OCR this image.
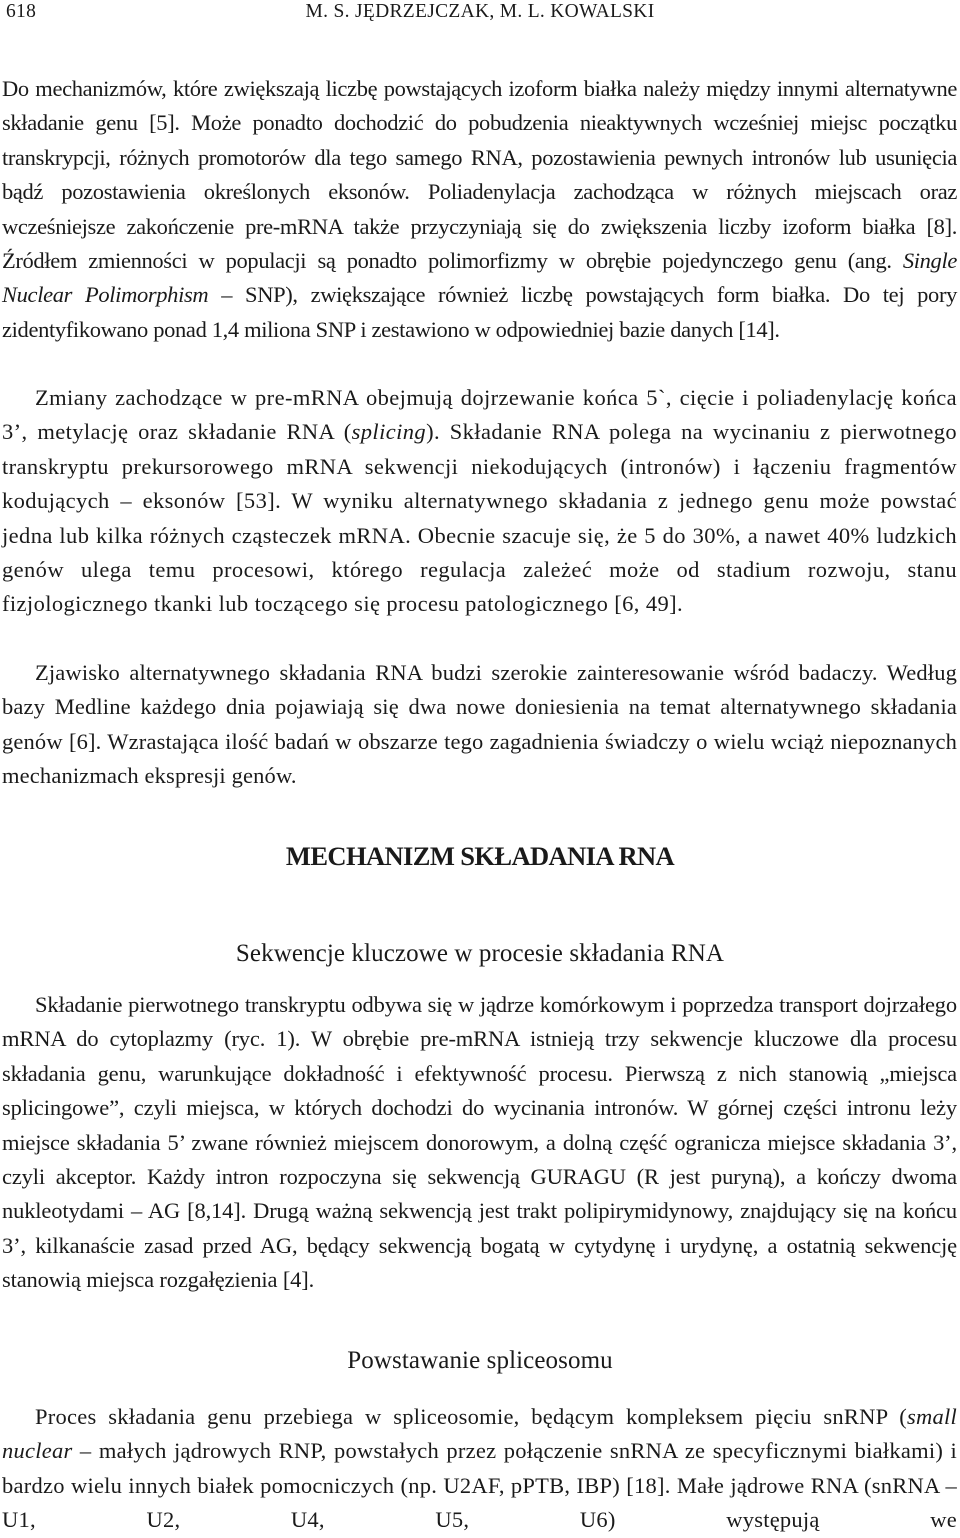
618	M. S. JĘDRZEJCZAK, M. L. KOWALSKI

Do mechanizmów, które zwiększają liczbę powstających izoform białka należy między innymi alternatywne składanie genu [5]. Może ponadto dochodzić do pobudzenia nieaktywnych wcześniej miejsc początku transkrypcji, różnych promotorów dla tego samego RNA, pozostawienia pewnych intronów lub usunięcia bądź pozostawienia określonych eksonów. Poliadenylacja zachodząca w różnych miejscach oraz wcześniejsze zakończenie pre-mRNA także przyczyniają się do zwiększenia liczby izoform białka [8]. Źródłem zmienności w populacji są ponadto polimorfizmy w obrębie pojedynczego genu (ang. Single Nuclear Polimorphism – SNP), zwiększające również liczbę powstających form białka. Do tej pory zidentyfikowano ponad 1,4 miliona SNP i zestawiono w odpowiedniej bazie danych [14].

Zmiany zachodzące w pre-mRNA obejmują dojrzewanie końca 5`, cięcie i poliadenylację końca 3’, metylację oraz składanie RNA (splicing). Składanie RNA polega na wycinaniu z pierwotnego transkryptu prekursorowego mRNA sekwencji niekodujących (intronów) i łączeniu fragmentów kodujących – eksonów [53]. W wyniku alternatywnego składania z jednego genu może powstać jedna lub kilka różnych cząsteczek mRNA. Obecnie szacuje się, że 5 do 30%, a nawet 40% ludzkich genów ulega temu procesowi, którego regulacja zależeć może od stadium rozwoju, stanu fizjologicznego tkanki lub toczącego się procesu patologicznego [6, 49].

Zjawisko alternatywnego składania RNA budzi szerokie zainteresowanie wśród badaczy. Według bazy Medline każdego dnia pojawiają się dwa nowe doniesienia na temat alternatywnego składania genów [6]. Wzrastająca ilość badań w obszarze tego zagadnienia świadczy o wielu wciąż niepoznanych mechanizmach ekspresji genów.

MECHANIZM SKŁADANIA RNA
Sekwencje kluczowe w procesie składania RNA

Składanie pierwotnego transkryptu odbywa się w jądrze komórkowym i poprzedza transport dojrzałego mRNA do cytoplazmy (ryc. 1). W obrębie pre-mRNA istnieją trzy sekwencje kluczowe dla procesu składania genu, warunkujące dokładność i efektywność procesu. Pierwszą z nich stanowią „miejsca splicingowe”, czyli miejsca, w których dochodzi do wycinania intronów. W górnej części intronu leży miejsce składania 5’ zwane również miejscem donorowym, a dolną część ogranicza miejsce składania 3’, czyli akceptor. Każdy intron rozpoczyna się sekwencją GURAGU (R jest puryną), a kończy dwoma nukleotydami – AG [8,14]. Drugą ważną sekwencją jest trakt polipirymidynowy, znajdujący się na końcu 3’, kilkanaście zasad przed AG, będący sekwencją bogatą w cytydynę i urydynę, a ostatnią sekwencję stanowią miejsca rozgałęzienia [4].

Powstawanie spliceosomu

Proces składania genu przebiega w spliceosomie, będącym kompleksem pięciu snRNP (small nuclear – małych jądrowych RNP, powstałych przez połączenie snRNA ze specyficznymi białkami) i bardzo wielu innych białek pomocniczych (np. U2AF, pPTB, IBP) [18]. Małe jądrowe RNA (snRNA – U1, U2, U4, U5, U6) występują we
